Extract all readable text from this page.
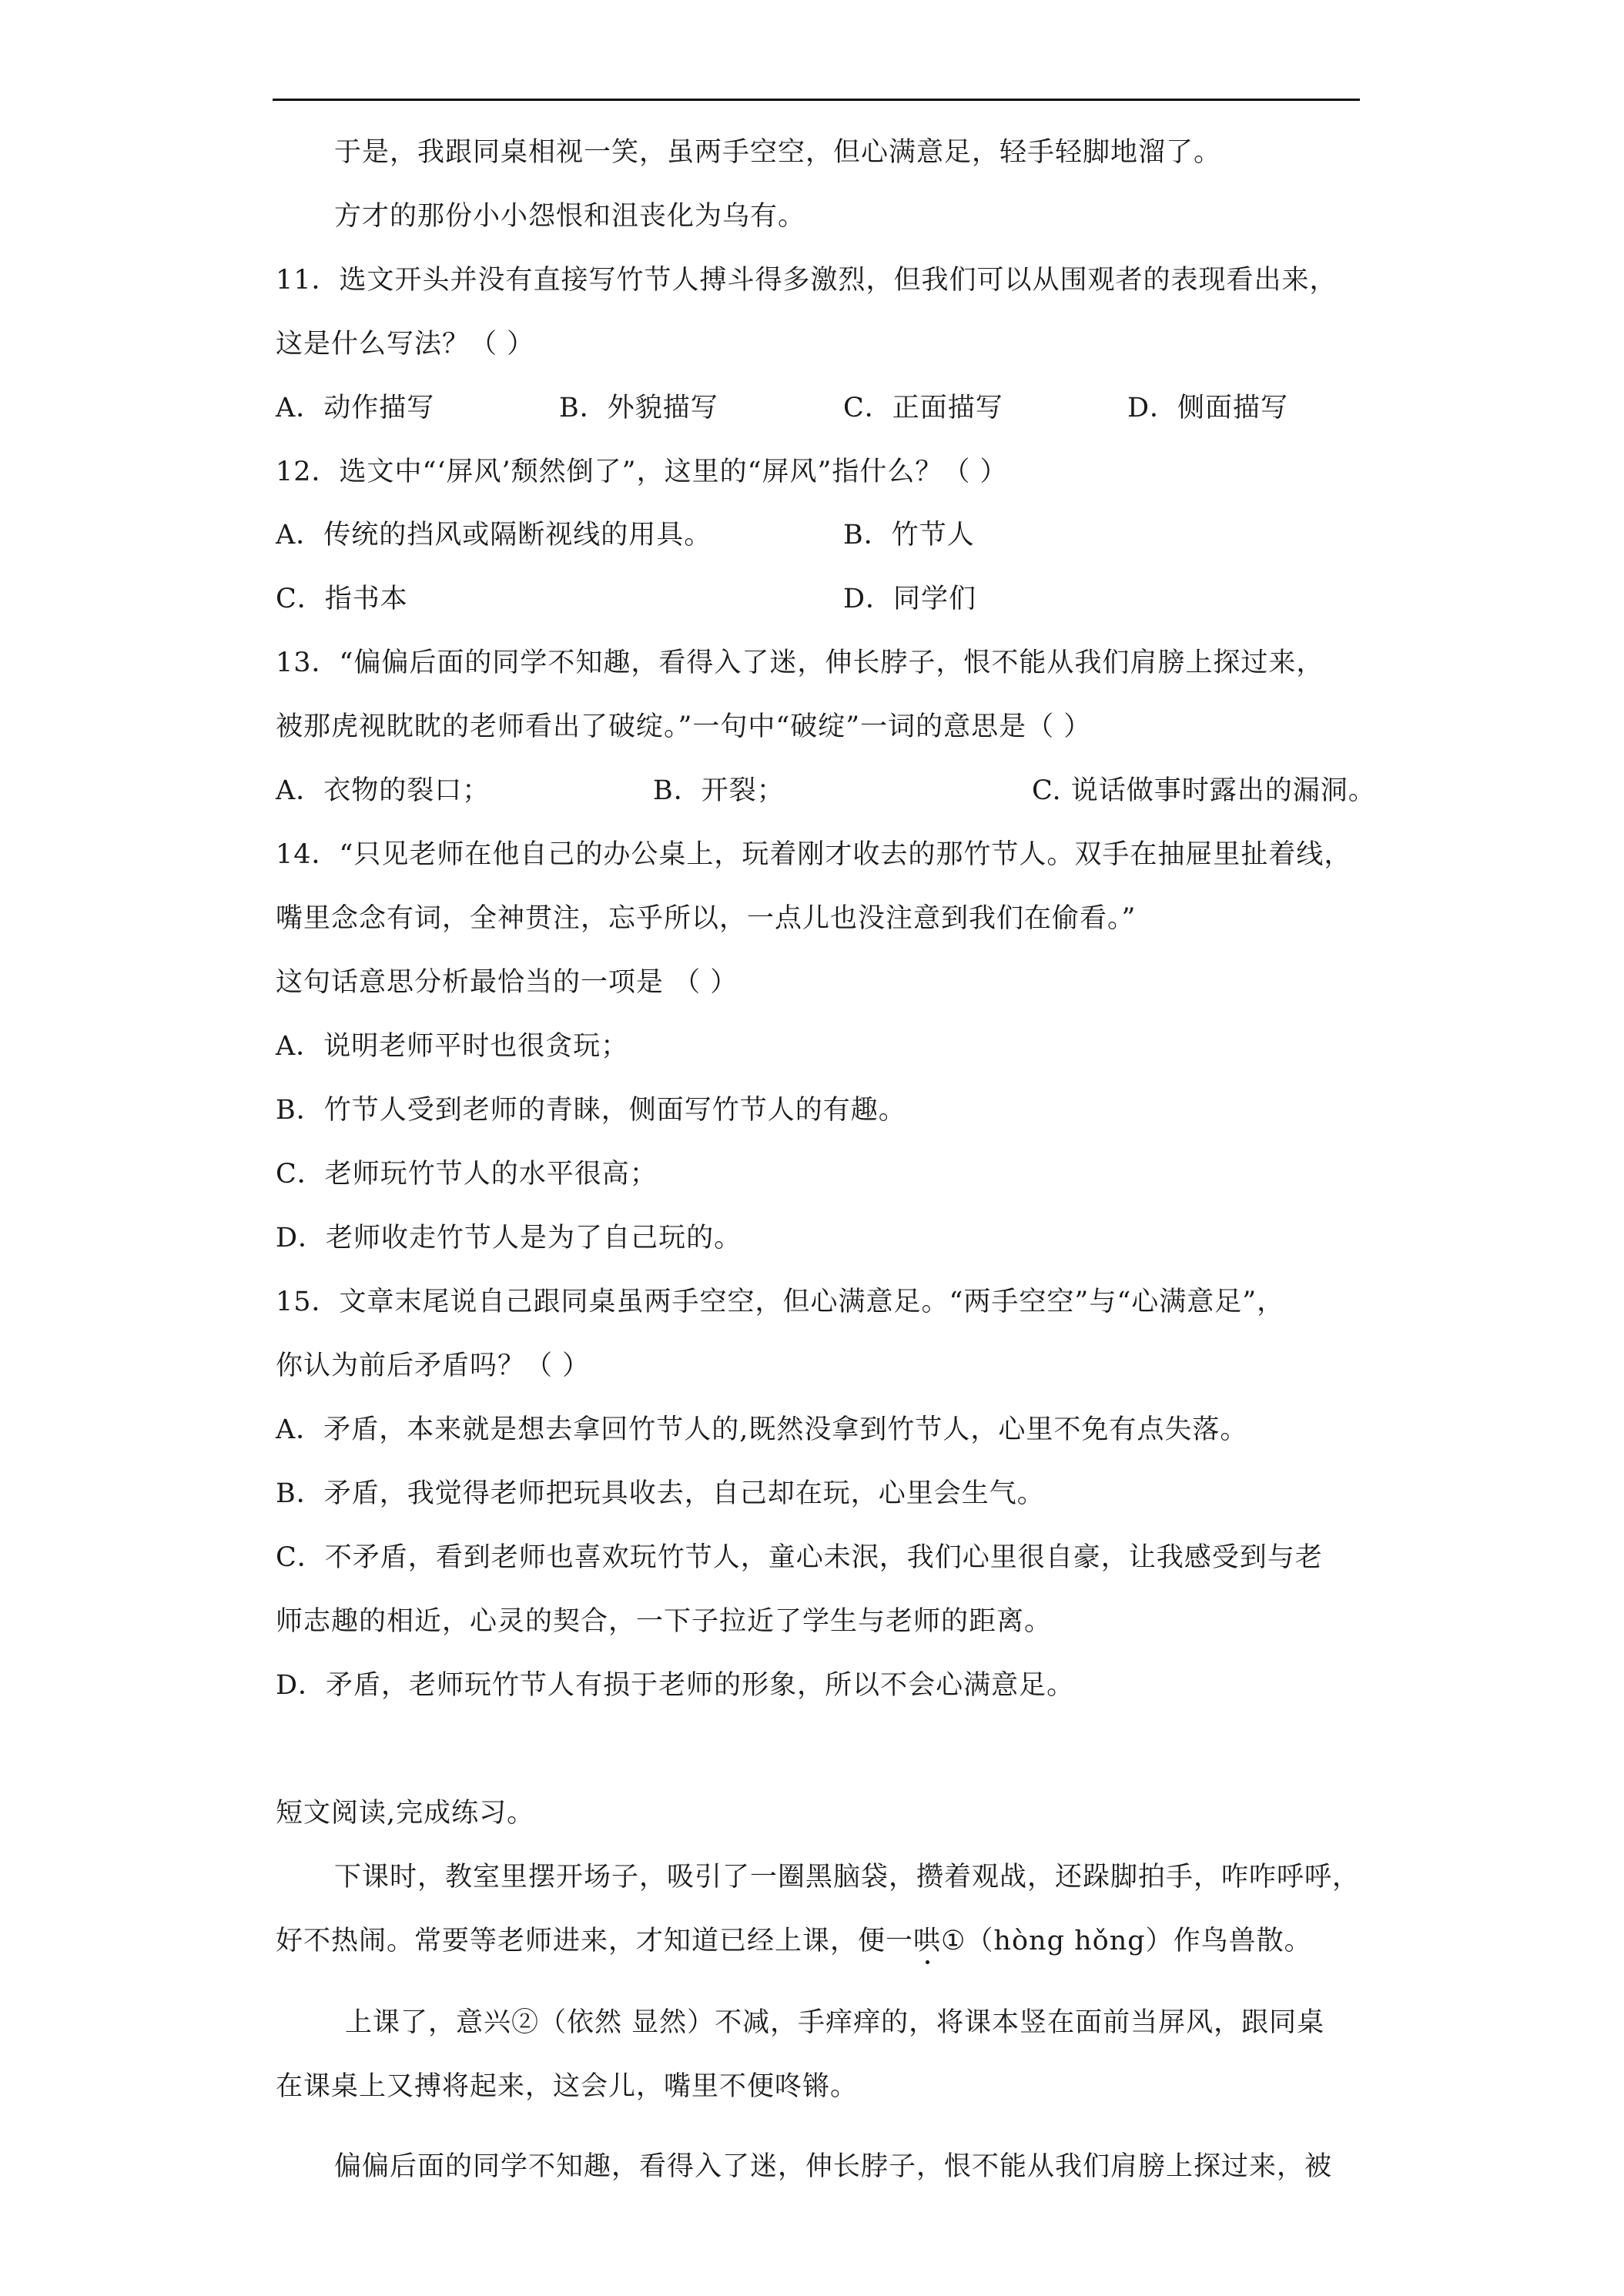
于是，我跟同桌相视一笑，虽两手空空，但心满意足，轻手轻脚地溜了。
方才的那份小小怨恨和沮丧化为乌有。
11．选文开头并没有直接写竹节人搏斗得多激烈，但我们可以从围观者的表现看出来，
这是什么写法？（ ）
A．动作描写	B．外貌描写	C．正面描写	D．侧面描写
12．选文中“‘屏风’颓然倒了”，这里的“屏风”指什么？（ ）
A．传统的挡风或隔断视线的用具。	B．竹节人
C．指书本	D．同学们
13．“偏偏后面的同学不知趣，看得入了迷，伸长脖子，恨不能从我们肩膀上探过来，
被那虎视眈眈的老师看出了破绽。”一句中“破绽”一词的意思是（ ）
A．衣物的裂口；	B．开裂；	C. 说话做事时露出的漏洞。
14．“只见老师在他自己的办公桌上，玩着刚才收去的那竹节人。双手在抽屉里扯着线，
嘴里念念有词，全神贯注，忘乎所以，一点儿也没注意到我们在偷看。”
这句话意思分析最恰当的一项是 （ ）
A．说明老师平时也很贪玩；
B．竹节人受到老师的青睐，侧面写竹节人的有趣。
C．老师玩竹节人的水平很高；
D．老师收走竹节人是为了自己玩的。
15．文章末尾说自己跟同桌虽两手空空，但心满意足。“两手空空”与“心满意足”，
你认为前后矛盾吗？（ ）
A．矛盾，本来就是想去拿回竹节人的,既然没拿到竹节人，心里不免有点失落。
B．矛盾，我觉得老师把玩具收去，自己却在玩，心里会生气。
C．不矛盾，看到老师也喜欢玩竹节人，童心未泯，我们心里很自豪，让我感受到与老
师志趣的相近，心灵的契合，一下子拉近了学生与老师的距离。
D．矛盾，老师玩竹节人有损于老师的形象，所以不会心满意足。
短文阅读,完成练习。
下课时，教室里摆开场子，吸引了一圈黑脑袋，攒着观战，还跺脚拍手，咋咋呼呼，
好不热闹。常要等老师进来，才知道已经上课，便一哄①（hòng hǒng）作鸟兽散。
上课了，意兴②（依然 显然）不减，手痒痒的，将课本竖在面前当屏风，跟同桌
在课桌上又搏将起来，这会儿，嘴里不便咚锵。
偏偏后面的同学不知趣，看得入了迷，伸长脖子，恨不能从我们肩膀上探过来，被
